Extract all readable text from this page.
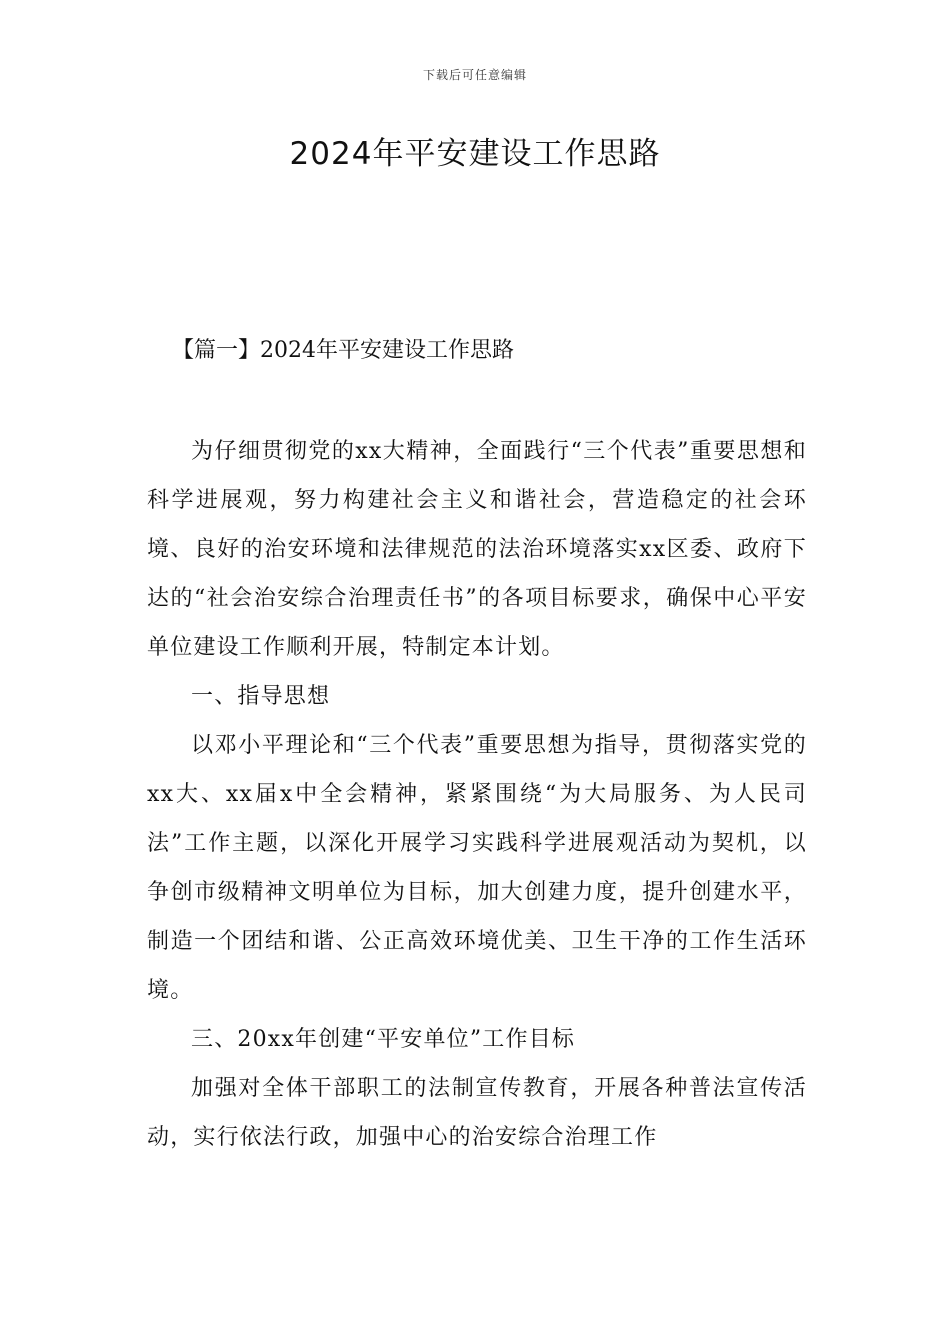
下载后可任意编辑
2024年平安建设工作思路
【篇一】2024年平安建设工作思路

为仔细贯彻党的xx大精神，全面践行“三个代表”重要思想和科学进展观，努力构建社会主义和谐社会，营造稳定的社会环境、良好的治安环境和法律规范的法治环境落实xx区委、政府下达的“社会治安综合治理责任书”的各项目标要求，确保中心平安单位建设工作顺利开展，特制定本计划。

一、指导思想

以邓小平理论和“三个代表”重要思想为指导，贯彻落实党的xx大、xx届x中全会精神，紧紧围绕“为大局服务、为人民司法”工作主题，以深化开展学习实践科学进展观活动为契机，以争创市级精神文明单位为目标，加大创建力度，提升创建水平，制造一个团结和谐、公正高效环境优美、卫生干净的工作生活环境。

三、20xx年创建“平安单位”工作目标

加强对全体干部职工的法制宣传教育，开展各种普法宣传活动，实行依法行政，加强中心的治安综合治理工作
